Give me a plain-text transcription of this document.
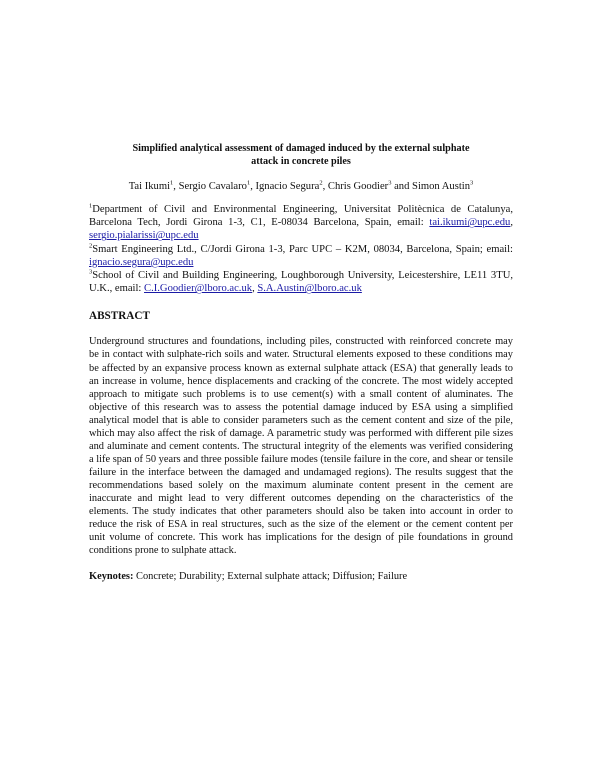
Simplified analytical assessment of damaged induced by the external sulphate
attack in concrete piles
Tai Ikumi$^1$, Sergio Cavalaro$^1$, Ignacio Segura$^2$, Chris Goodier$^3$ and Simon Austin$^3$

$^1$Department of Civil and Environmental Engineering, Universitat Politècnica de Catalunya, Barcelona Tech, Jordi Girona 1-3, C1, E-08034 Barcelona, Spain, email: tai.ikumi@upc.edu, sergio.pialarissi@upc.edu

$^2$Smart Engineering Ltd., C/Jordi Girona 1-3, Parc UPC – K2M, 08034, Barcelona, Spain; email: ignacio.segura@upc.edu

$^3$School of Civil and Building Engineering, Loughborough University, Leicestershire, LE11 3TU, U.K., email: C.I.Goodier@lboro.ac.uk, S.A.Austin@lboro.ac.uk

ABSTRACT

Underground structures and foundations, including piles, constructed with reinforced concrete may be in contact with sulphate-rich soils and water. Structural elements exposed to these conditions may be affected by an expansive process known as external sulphate attack (ESA) that generally leads to an increase in volume, hence displacements and cracking of the concrete. The most widely accepted approach to mitigate such problems is to use cement(s) with a small content of aluminates. The objective of this research was to assess the potential damage induced by ESA using a simplified analytical model that is able to consider parameters such as the cement content and size of the pile, which may also affect the risk of damage. A parametric study was performed with different pile sizes and aluminate and cement contents. The structural integrity of the elements was verified considering a life span of 50 years and three possible failure modes (tensile failure in the core, and shear or tensile failure in the interface between the damaged and undamaged regions). The results suggest that the recommendations based solely on the maximum aluminate content present in the cement are inaccurate and might lead to very different outcomes depending on the characteristics of the elements. The study indicates that other parameters should also be taken into account in order to reduce the risk of ESA in real structures, such as the size of the element or the cement content per unit volume of concrete. This work has implications for the design of pile foundations in ground conditions prone to sulphate attack.

Keynotes: Concrete; Durability; External sulphate attack; Diffusion; Failure
